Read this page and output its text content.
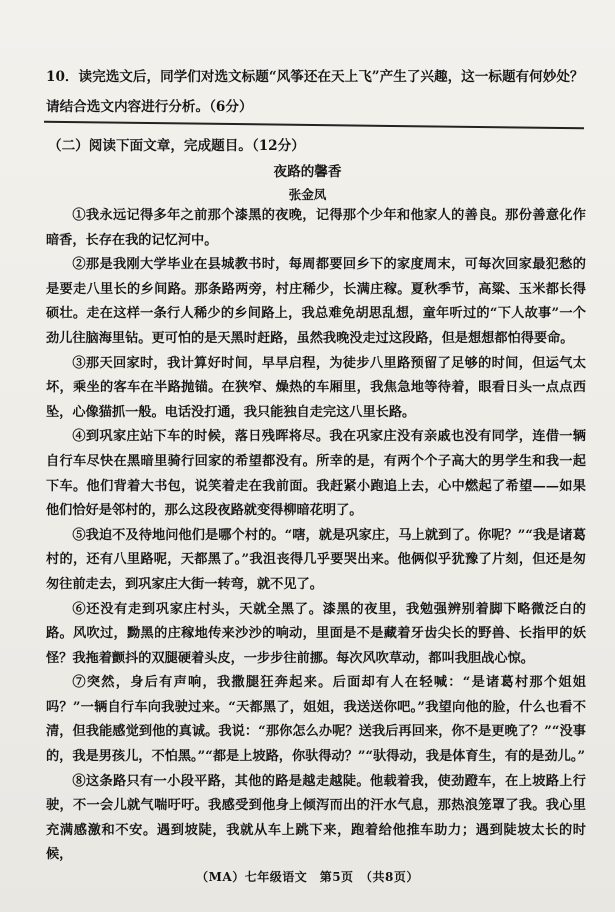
10．读完选文后，同学们对选文标题“风筝还在天上飞”产生了兴趣，这一标题有何妙处？请结合选文内容进行分析。（6分）
（二）阅读下面文章，完成题目。（12分）
夜路的馨香
张金凤

①我永远记得多年之前那个漆黑的夜晚，记得那个少年和他家人的善良。那份善意化作暗香，长存在我的记忆河中。

②那是我刚大学毕业在县城教书时，每周都要回乡下的家度周末，可每次回家最犯愁的是要走八里长的乡间路。那条路两旁，村庄稀少，长满庄稼。夏秋季节，高粱、玉米都长得硕壮。走在这样一条行人稀少的乡间路上，我总难免胡思乱想，童年听过的“下人故事”一个劲儿往脑海里钻。更可怕的是天黑时赶路，虽然我晚没走过这段路，但是想想都怕得要命。

③那天回家时，我计算好时间，早早启程，为徒步八里路预留了足够的时间，但运气太坏，乘坐的客车在半路抛锚。在狭窄、燥热的车厢里，我焦急地等待着，眼看日头一点点西坠，心像猫抓一般。电话没打通，我只能独自走完这八里长路。

④到巩家庄站下车的时候，落日残晖将尽。我在巩家庄没有亲戚也没有同学，连借一辆自行车尽快在黑暗里骑行回家的希望都没有。所幸的是，有两个个子高大的男学生和我一起下车。他们背着大书包，说笑着走在我前面。我赶紧小跑追上去，心中燃起了希望——如果他们恰好是邻村的，那么这段夜路就变得柳暗花明了。

⑤我迫不及待地问他们是哪个村的。“嗐，就是巩家庄，马上就到了。你呢？”“我是诸葛村的，还有八里路呢，天都黑了。”我沮丧得几乎要哭出来。他俩似乎犹豫了片刻，但还是匆匆往前走去，到巩家庄大街一转弯，就不见了。

⑥还没有走到巩家庄村头，天就全黑了。漆黑的夜里，我勉强辨别着脚下略微泛白的路。风吹过，黝黑的庄稼地传来沙沙的响动，里面是不是藏着牙齿尖长的野兽、长指甲的妖怪？我拖着颤抖的双腿硬着头皮，一步步往前挪。每次风吹草动，都叫我胆战心惊。

⑦突然，身后有声响，我撒腿狂奔起来。后面却有人在轻喊：“是诸葛村那个姐姐吗？”一辆自行车向我驶过来。“天都黑了，姐姐，我送送你吧。”我望向他的脸，什么也看不清，但我能感觉到他的真诚。我说：“那你怎么办呢？送我后再回来，你不是更晚了？”“没事的，我是男孩儿，不怕黑。”“都是上坡路，你驮得动？”“驮得动，我是体育生，有的是劲儿。”

⑧这条路只有一小段平路，其他的路是越走越陡。他载着我，使劲蹬车，在上坡路上行驶，不一会儿就气喘吁吁。我感受到他身上倾泻而出的汗水气息，那热浪笼罩了我。我心里充满感激和不安。遇到坡陡，我就从车上跳下来，跑着给他推车助力；遇到陡坡太长的时候，

（MA）七年级语文　第5页　（共8页）
